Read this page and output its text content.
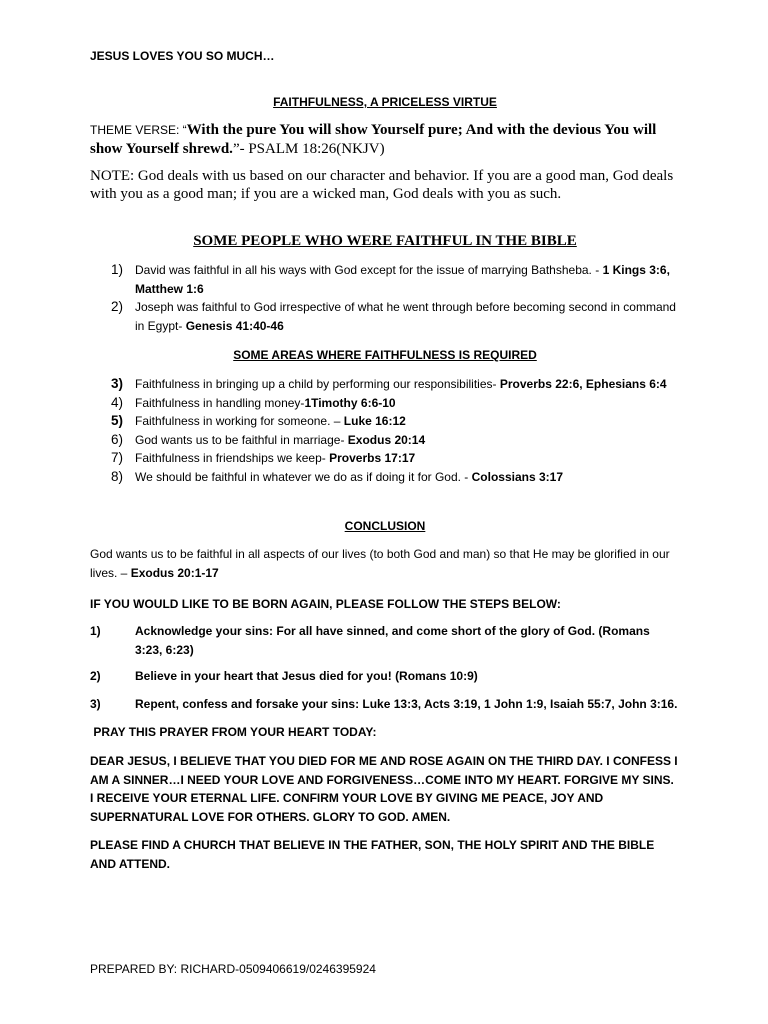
JESUS LOVES YOU SO MUCH…

FAITHFULNESS, A PRICELESS VIRTUE

THEME VERSE: “With the pure You will show Yourself pure; And with the devious You will show Yourself shrewd.”- PSALM 18:26(NKJV)

NOTE: God deals with us based on our character and behavior. If you are a good man, God deals with you as a good man; if you are a wicked man, God deals with you as such.

SOME PEOPLE WHO WERE FAITHFUL IN THE BIBLE

1) David was faithful in all his ways with God except for the issue of marrying Bathsheba. - 1 Kings 3:6, Matthew 1:6
2) Joseph was faithful to God irrespective of what he went through before becoming second in command in Egypt- Genesis 41:40-46

SOME AREAS WHERE FAITHFULNESS IS REQUIRED

3) Faithfulness in bringing up a child by performing our responsibilities- Proverbs 22:6, Ephesians 6:4
4) Faithfulness in handling money-1Timothy 6:6-10
5) Faithfulness in working for someone. – Luke 16:12
6) God wants us to be faithful in marriage- Exodus 20:14
7) Faithfulness in friendships we keep- Proverbs 17:17
8) We should be faithful in whatever we do as if doing it for God. - Colossians 3:17

CONCLUSION

God wants us to be faithful in all aspects of our lives (to both God and man) so that He may be glorified in our lives. – Exodus 20:1-17

IF YOU WOULD LIKE TO BE BORN AGAIN, PLEASE FOLLOW THE STEPS BELOW:

1)	Acknowledge your sins: For all have sinned, and come short of the glory of God. (Romans 3:23, 6:23)

2)	Believe in your heart that Jesus died for you! (Romans 10:9)

3)	Repent, confess and forsake your sins: Luke 13:3, Acts 3:19, 1 John 1:9, Isaiah 55:7, John 3:16.

PRAY THIS PRAYER FROM YOUR HEART TODAY:

DEAR JESUS, I BELIEVE THAT YOU DIED FOR ME AND ROSE AGAIN ON THE THIRD DAY. I CONFESS I AM A SINNER…I NEED YOUR LOVE AND FORGIVENESS…COME INTO MY HEART. FORGIVE MY SINS. I RECEIVE YOUR ETERNAL LIFE. CONFIRM YOUR LOVE BY GIVING ME PEACE, JOY AND SUPERNATURAL LOVE FOR OTHERS. GLORY TO GOD. AMEN.

PLEASE FIND A CHURCH THAT BELIEVE IN THE FATHER, SON, THE HOLY SPIRIT AND THE BIBLE AND ATTEND.

PREPARED BY: RICHARD-0509406619/0246395924
